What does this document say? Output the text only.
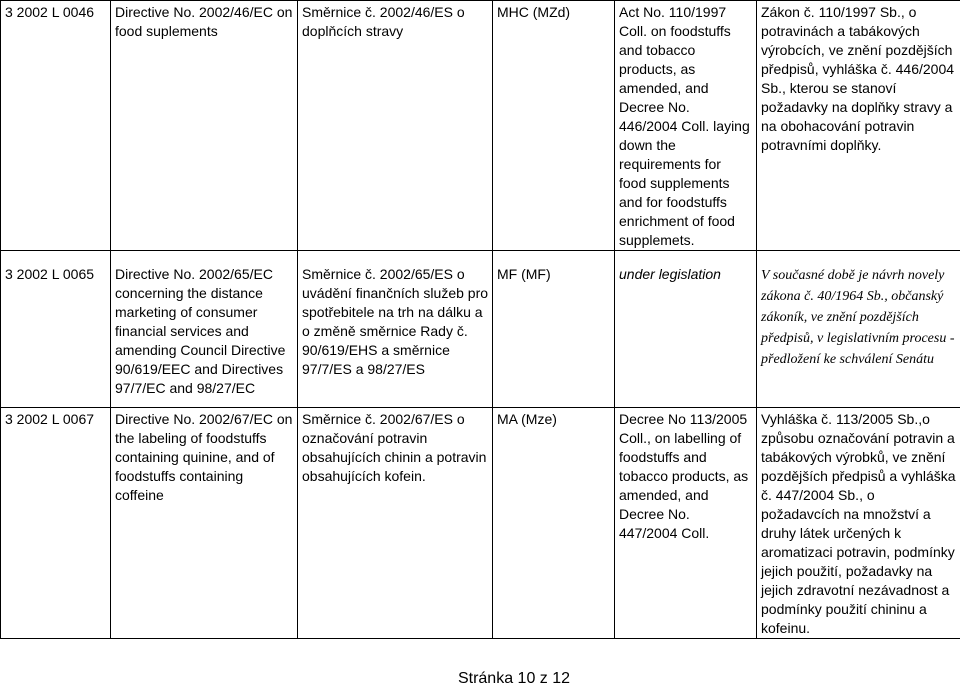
3 2002 L 0046	Directive No. 2002/46/EC on food suplements	Směrnice č. 2002/46/ES o doplňcích stravy	MHC (MZd)	Act No. 110/1997 Coll. on foodstuffs and tobacco products, as amended, and Decree No. 446/2004 Coll. laying down the requirements for food supplements and for foodstuffs enrichment of food supplemets.	Zákon č. 110/1997 Sb., o potravinách a tabákových výrobcích, ve znění pozdějších předpisů, vyhláška č. 446/2004 Sb., kterou se stanoví požadavky na doplňky stravy a na obohacování potravin potravními doplňky.
3 2002 L 0065	Directive No. 2002/65/EC concerning the distance marketing of consumer financial services and amending Council Directive 90/619/EEC and Directives 97/7/EC and 98/27/EC	Směrnice č. 2002/65/ES o uvádění finančních služeb pro spotřebitele na trh na dálku a o změně směrnice Rady č. 90/619/EHS a směrnice 97/7/ES a 98/27/ES	MF (MF)	under legislation	V současné době je návrh novely zákona č. 40/1964 Sb., občanský zákoník, ve znění pozdějších předpisů, v legislativním procesu - předložení ke schválení Senátu
3 2002 L 0067	Directive No. 2002/67/EC on the labeling of foodstuffs containing quinine, and of foodstuffs containing coffeine	Směrnice č. 2002/67/ES o označování potravin obsahujících chinin a potravin obsahujících kofein.	MA (Mze)	Decree No 113/2005 Coll., on labelling of foodstuffs and tobacco products, as amended, and Decree No. 447/2004 Coll.	Vyhláška č. 113/2005 Sb.,o způsobu označování potravin a tabákových výrobků, ve znění pozdějších předpisů a vyhláška č. 447/2004 Sb., o požadavcích na množství a druhy látek určených k aromatizaci potravin, podmínky jejich použití, požadavky na jejich zdravotní nezávadnost a podmínky použití chininu a kofeinu.
Stránka 10 z 12
